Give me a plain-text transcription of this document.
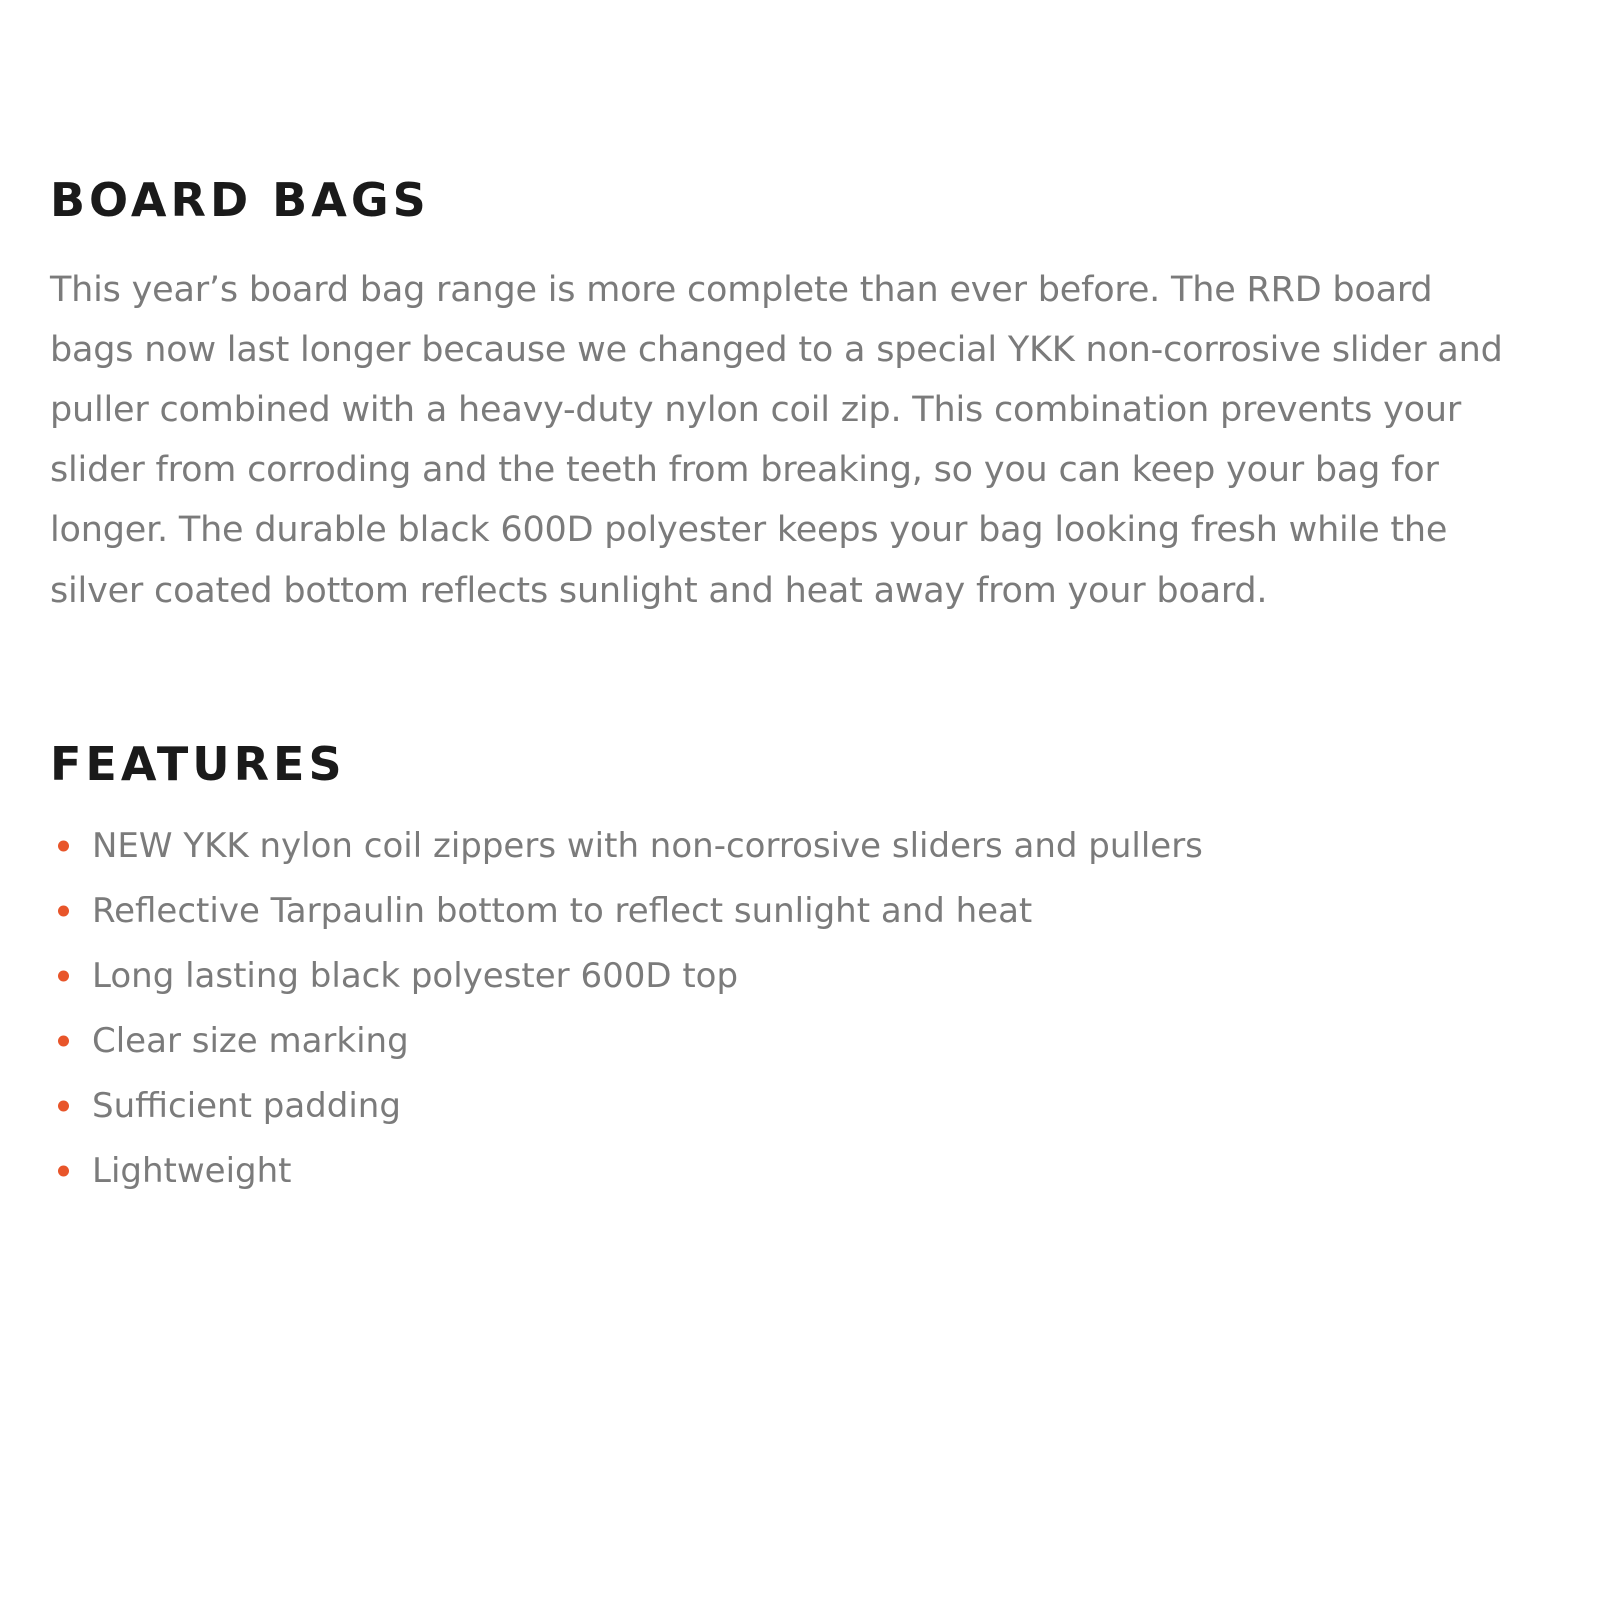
BOARD BAGS

This year’s board bag range is more complete than ever before. The RRD board bags now last longer because we changed to a special YKK non-corrosive slider and puller combined with a heavy-duty nylon coil zip. This combination prevents your slider from corroding and the teeth from breaking, so you can keep your bag for longer. The durable black 600D polyester keeps your bag looking fresh while the silver coated bottom reflects sunlight and heat away from your board.

FEATURES
NEW YKK nylon coil zippers with non-corrosive sliders and pullers
Reflective Tarpaulin bottom to reflect sunlight and heat
Long lasting black polyester 600D top
Clear size marking
Sufficient padding
Lightweight
